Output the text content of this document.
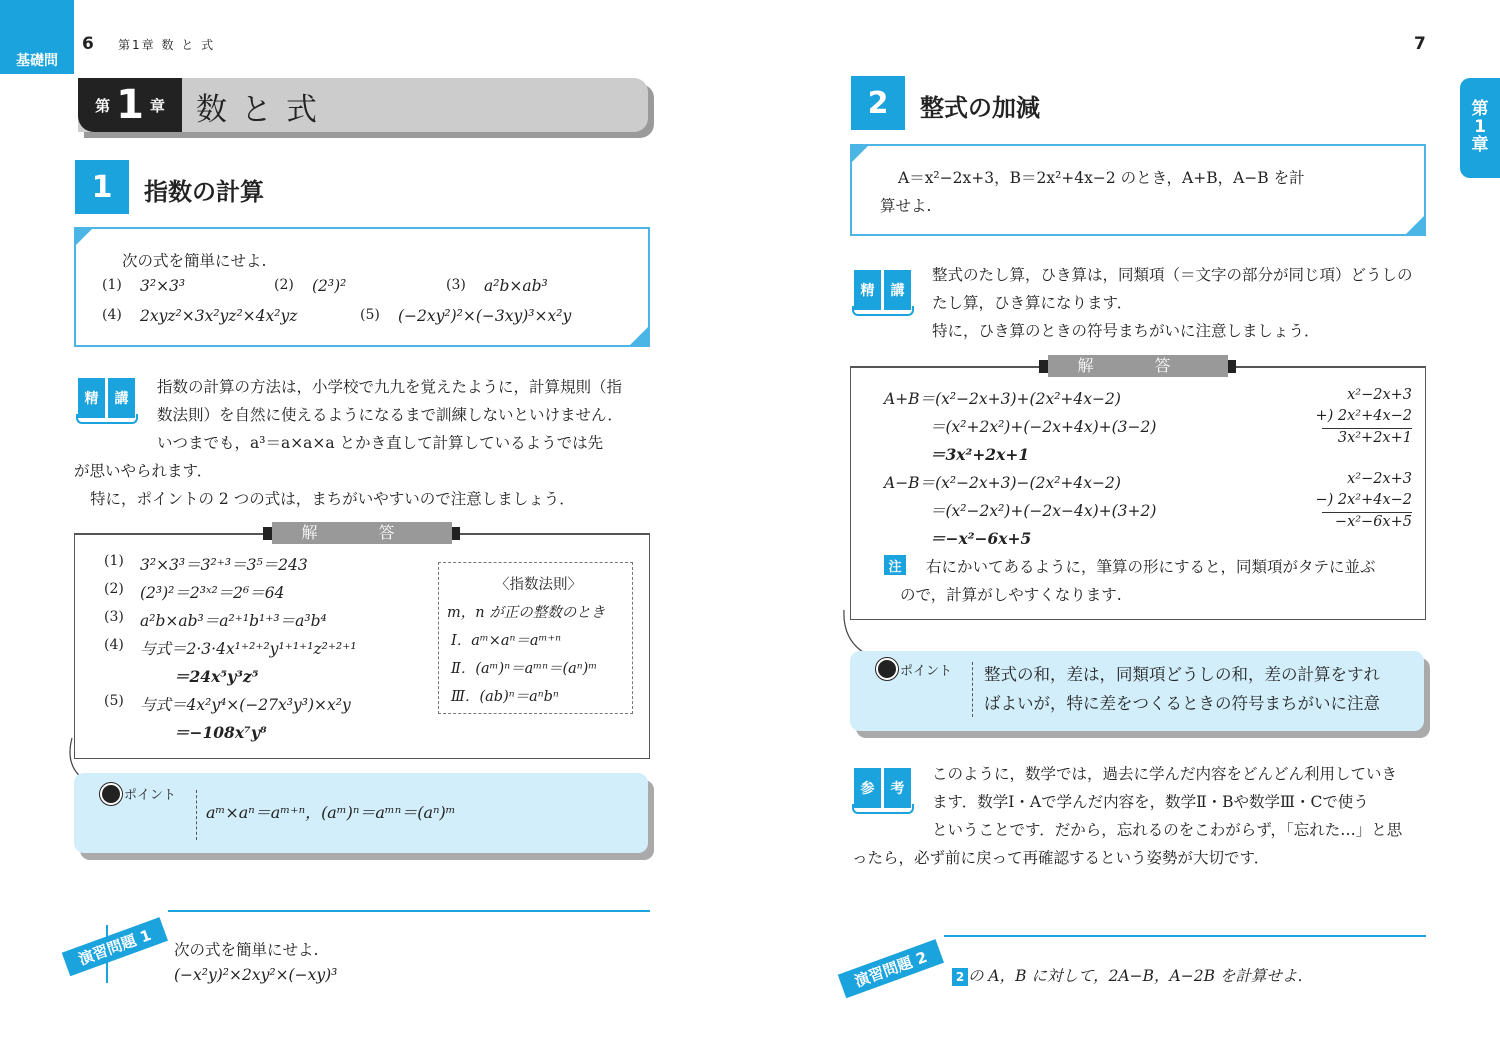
基礎問
6 第1章 数 と 式	7
第
1
章
第 1 章 数と式
1	指数の計算
次の式を簡単にせよ.
(1) 3²×3³	(2) (2³)²	(3) a²b×ab³
(4) 2xyz²×3x²yz²×4x²yz	(5) (−2xy²)²×(−3xy)³×x²y
精	講
指数の計算の方法は，小学校で九九を覚えたように，計算規則（指
数法則）を自然に使えるようになるまで訓練しないといけません．
いつまでも，a³＝a×a×a とかき直して計算しているようでは先
が思いやられます．
特に，ポイントの 2 つの式は，まちがいやすいので注意しましょう．
解 答
(1) 3²×3³＝3²⁺³＝3⁵＝243
(2) (2³)²＝2³ˣ²＝2⁶＝64
(3) a²b×ab³＝a²⁺¹b¹⁺³＝a³b⁴
(4) 与式＝2·3·4x¹⁺²⁺²y¹⁺¹⁺¹z²⁺²⁺¹
＝24x⁵y³z⁵
(5) 与式＝4x²y⁴×(−27x³y³)×x²y
＝−108x⁷y⁸
〈指数法則〉
m，n が正の整数のとき
Ⅰ．aᵐ×aⁿ＝aᵐ⁺ⁿ
Ⅱ．(aᵐ)ⁿ＝aᵐⁿ＝(aⁿ)ᵐ
Ⅲ．(ab)ⁿ＝aⁿbⁿ
ポイント
aᵐ×aⁿ＝aᵐ⁺ⁿ，(aᵐ)ⁿ＝aᵐⁿ＝(aⁿ)ᵐ
演習問題 1	次の式を簡単にせよ.
(−x²y)²×2xy²×(−xy)³
2	整式の加減
A＝x²−2x+3，B＝2x²+4x−2 のとき，A+B，A−B を計
算せよ.
精	講
整式のたし算，ひき算は，同類項（＝文字の部分が同じ項）どうしの
たし算，ひき算になります．
特に，ひき算のときの符号まちがいに注意しましょう．
解 答
A+B＝(x²−2x+3)+(2x²+4x−2)
＝(x²+2x²)+(−2x+4x)+(3−2)
＝3x²+2x+1
A−B＝(x²−2x+3)−(2x²+4x−2)
＝(x²−2x²)+(−2x−4x)+(3+2)
＝−x²−6x+5
x²−2x+3
+) 2x²+4x−2
3x²+2x+1
x²−2x+3
−) 2x²+4x−2
−x²−6x+5
注 右にかいてあるように，筆算の形にすると，同類項がタテに並ぶ
ので，計算がしやすくなります.
ポイント 整式の和，差は，同類項どうしの和，差の計算をすれ
ばよいが，特に差をつくるときの符号まちがいに注意
参	考
このように，数学では，過去に学んだ内容をどんどん利用していき
ます．数学Ⅰ・Aで学んだ内容を，数学Ⅱ・Bや数学Ⅲ・Cで使う
ということです．だから，忘れるのをこわがらず，「忘れた…」と思
ったら，必ず前に戻って再確認するという姿勢が大切です．
演習問題 2	2 の A，B に対して，2A−B，A−2B を計算せよ．
